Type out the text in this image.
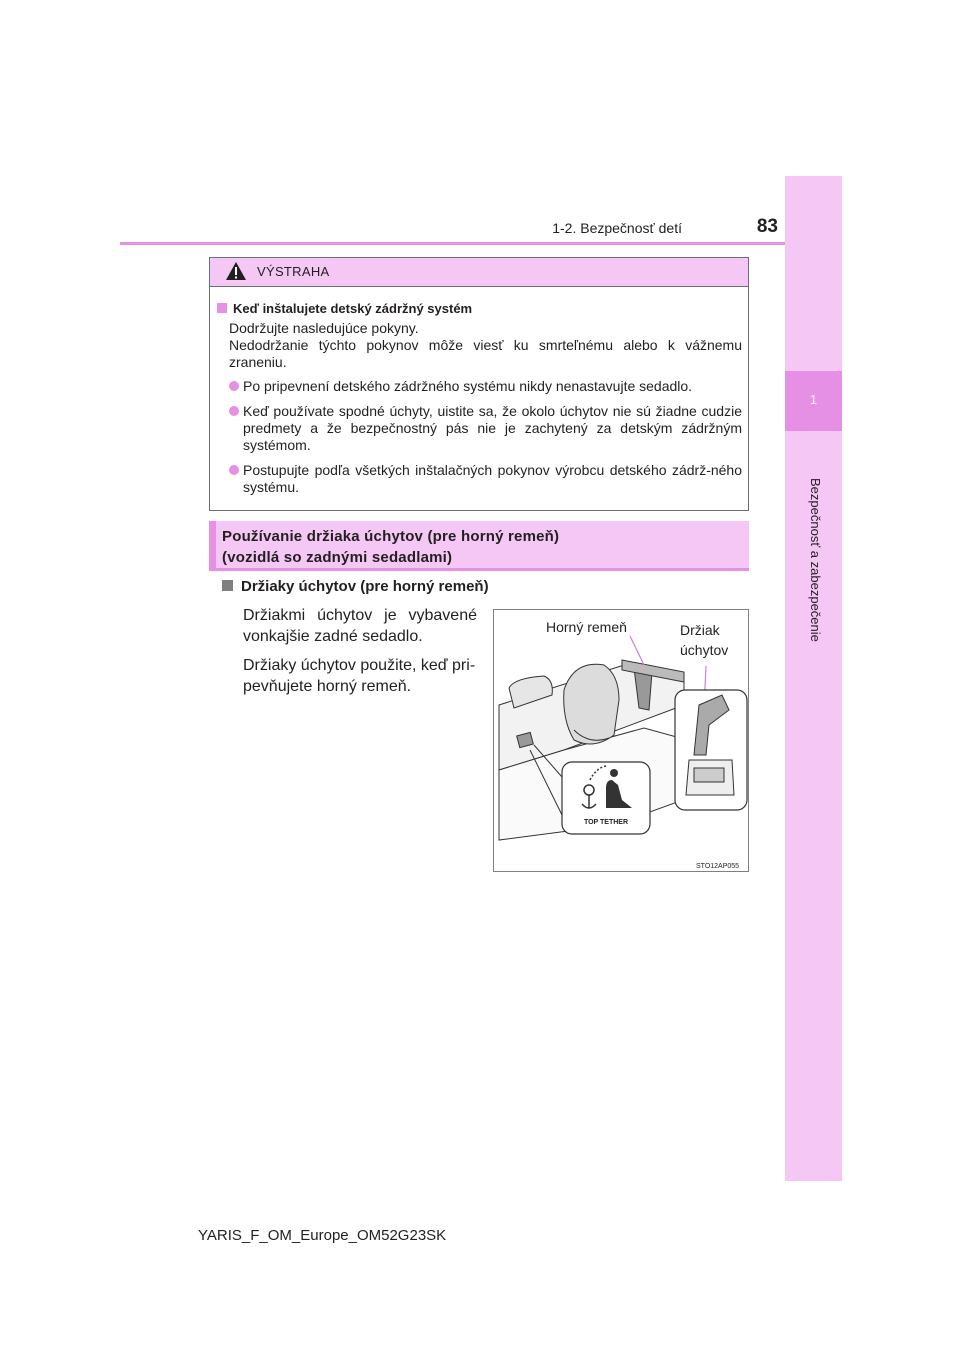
1
Bezpečnosť a zabezpečenie
1-2. Bezpečnosť detí	83
VÝSTRAHA
Keď inštalujete detský zádržný systém
Dodržujte nasledujúce pokyny.
Nedodržanie týchto pokynov môže viesť ku smrteľnému alebo k vážnemu zraneniu.
Po pripevnení detského zádržného systému nikdy nenastavujte sedadlo.
Keď používate spodné úchyty, uistite sa, že okolo úchytov nie sú žiadne cudzie predmety a že bezpečnostný pás nie je zachytený za detským zádržným systémom.
Postupujte podľa všetkých inštalačných pokynov výrobcu detského zádrž-ného systému.
Používanie držiaka úchytov (pre horný remeň)
(vozidlá so zadnými sedadlami)
Držiaky úchytov (pre horný remeň)
Držiakmi úchytov je vybavené vonkajšie zadné sedadlo.
Držiaky úchytov použite, keď pri-pevňujete horný remeň.
TOP TETHER
Horný remeň	Držiak úchytov
STO12AP055
YARIS_F_OM_Europe_OM52G23SK
